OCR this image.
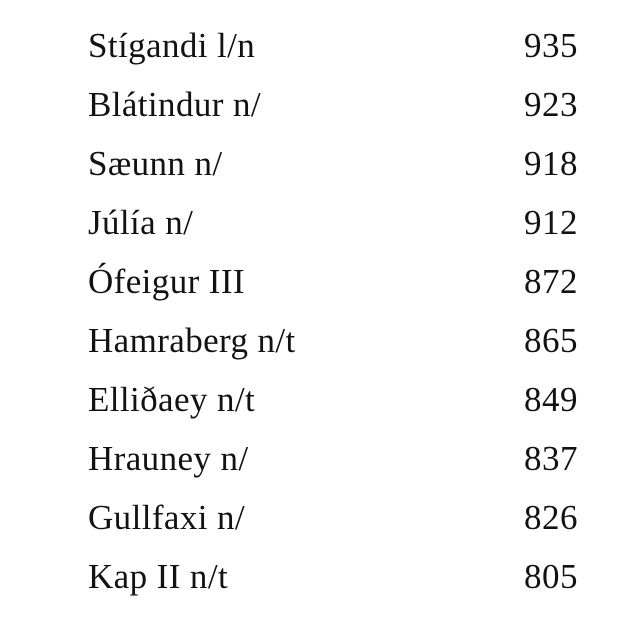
Stígandi l/n	935
Blátindur n/	923
Sæunn n/	918
Júlía n/	912
Ófeigur III	872
Hamraberg n/t	865
Elliðaey n/t	849
Hrauney n/	837
Gullfaxi n/	826
Kap II n/t	805
